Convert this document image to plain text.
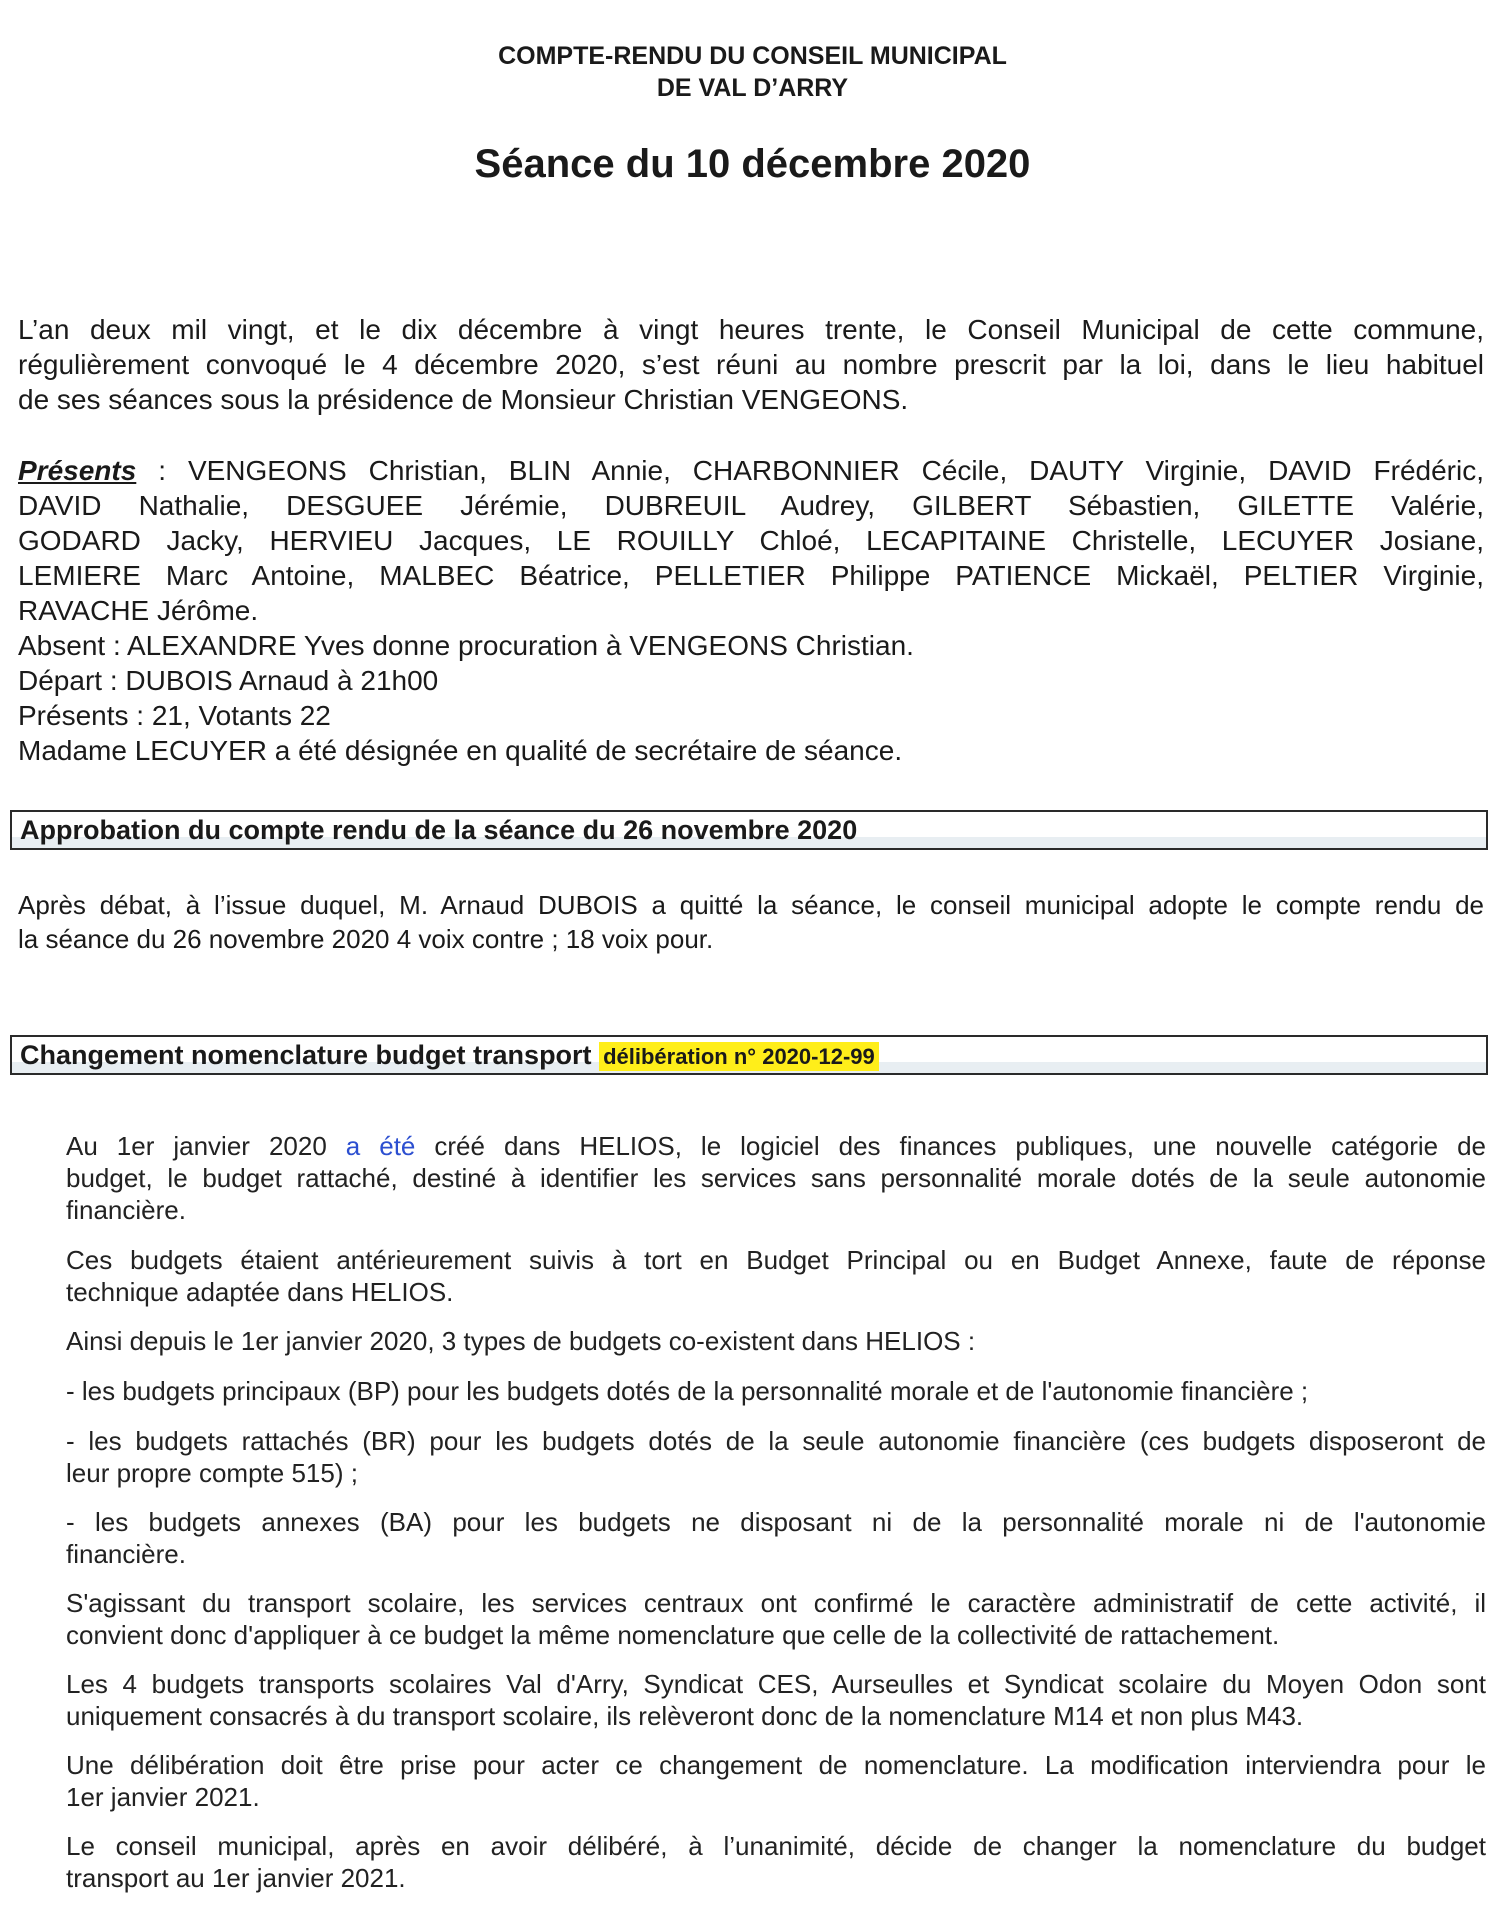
COMPTE-RENDU DU CONSEIL MUNICIPAL
DE VAL D’ARRY
Séance du 10 décembre 2020
L’an deux mil vingt, et le dix décembre à vingt heures trente, le Conseil Municipal de cette commune,
régulièrement convoqué le 4 décembre 2020, s’est réuni au nombre prescrit par la loi, dans le lieu habituel
de ses séances sous la présidence de Monsieur Christian VENGEONS.
Présents : VENGEONS Christian, BLIN Annie, CHARBONNIER Cécile, DAUTY Virginie, DAVID Frédéric,
DAVID Nathalie, DESGUEE Jérémie, DUBREUIL Audrey, GILBERT Sébastien, GILETTE Valérie,
GODARD Jacky, HERVIEU Jacques, LE ROUILLY Chloé, LECAPITAINE Christelle, LECUYER Josiane,
LEMIERE Marc Antoine, MALBEC Béatrice, PELLETIER Philippe PATIENCE Mickaël, PELTIER Virginie,
RAVACHE Jérôme.

Absent : ALEXANDRE Yves donne procuration à VENGEONS Christian.

Départ : DUBOIS Arnaud à 21h00

Présents : 21, Votants 22

Madame LECUYER a été désignée en qualité de secrétaire de séance.

Approbation du compte rendu de la séance du 26 novembre 2020
Après débat, à l’issue duquel, M. Arnaud DUBOIS a quitté la séance, le conseil municipal adopte le compte rendu de
la séance du 26 novembre 2020 4 voix contre ; 18 voix pour.
Changement nomenclature budget transport délibération n° 2020-12-99
Au 1er janvier 2020 a été créé dans HELIOS, le logiciel des finances publiques, une nouvelle catégorie de
budget, le budget rattaché, destiné à identifier les services sans personnalité morale dotés de la seule autonomie
financière.
Ces budgets étaient antérieurement suivis à tort en Budget Principal ou en Budget Annexe, faute de réponse
technique adaptée dans HELIOS.
Ainsi depuis le 1er janvier 2020, 3 types de budgets co-existent dans HELIOS :
- les budgets principaux (BP) pour les budgets dotés de la personnalité morale et de l'autonomie financière ;
- les budgets rattachés (BR) pour les budgets dotés de la seule autonomie financière (ces budgets disposeront de
leur propre compte 515) ;
- les budgets annexes (BA) pour les budgets ne disposant ni de la personnalité morale ni de l'autonomie
financière.
S'agissant du transport scolaire, les services centraux ont confirmé le caractère administratif de cette activité, il
convient donc d'appliquer à ce budget la même nomenclature que celle de la collectivité de rattachement.
Les 4 budgets transports scolaires Val d'Arry, Syndicat CES, Aurseulles et Syndicat scolaire du Moyen Odon sont
uniquement consacrés à du transport scolaire, ils relèveront donc de la nomenclature M14 et non plus M43.
Une délibération doit être prise pour acter ce changement de nomenclature. La modification interviendra pour le
1er janvier 2021.
Le conseil municipal, après en avoir délibéré, à l’unanimité, décide de changer la nomenclature du budget
transport au 1er janvier 2021.
